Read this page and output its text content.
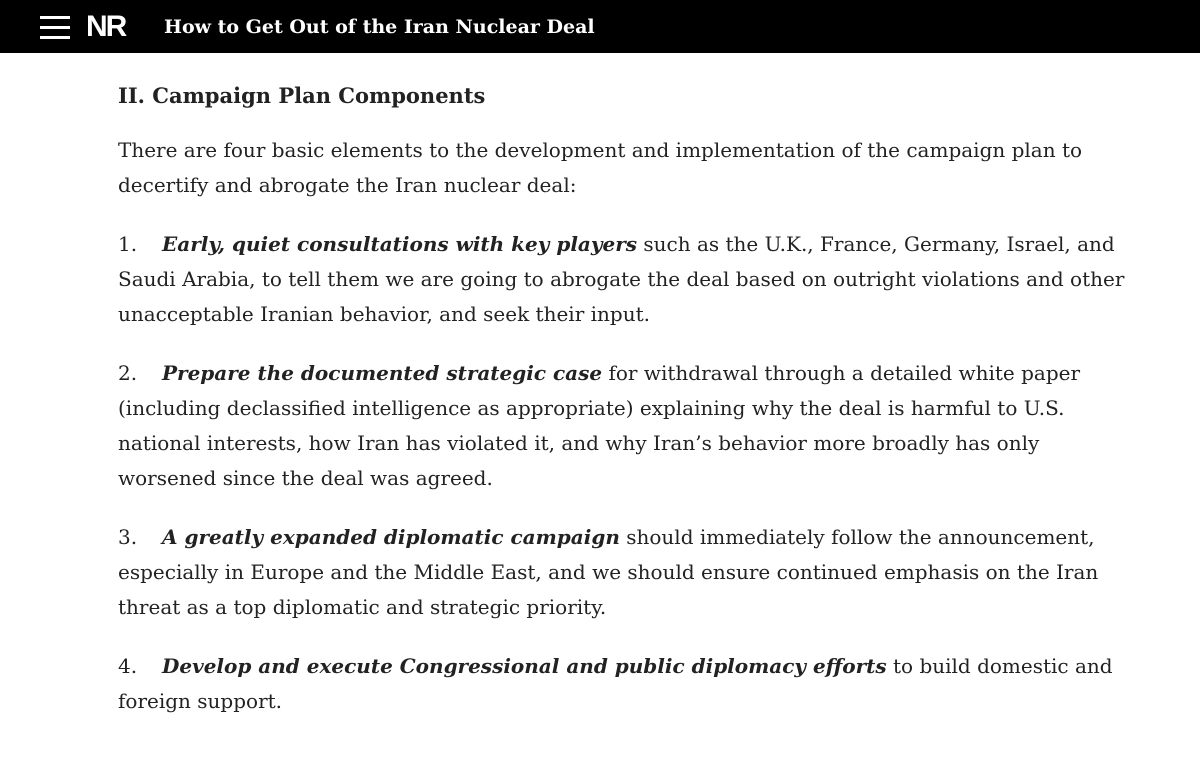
NR How to Get Out of the Iran Nuclear Deal
II. Campaign Plan Components

There are four basic elements to the development and implementation of the campaign plan to decertify and abrogate the Iran nuclear deal:

1. Early, quiet consultations with key players such as the U.K., France, Germany, Israel, and Saudi Arabia, to tell them we are going to abrogate the deal based on outright violations and other unacceptable Iranian behavior, and seek their input.

2. Prepare the documented strategic case for withdrawal through a detailed white paper (including declassified intelligence as appropriate) explaining why the deal is harmful to U.S. national interests, how Iran has violated it, and why Iran’s behavior more broadly has only worsened since the deal was agreed.

3. A greatly expanded diplomatic campaign should immediately follow the announcement, especially in Europe and the Middle East, and we should ensure continued emphasis on the Iran threat as a top diplomatic and strategic priority.

4. Develop and execute Congressional and public diplomacy efforts to build domestic and foreign support.
